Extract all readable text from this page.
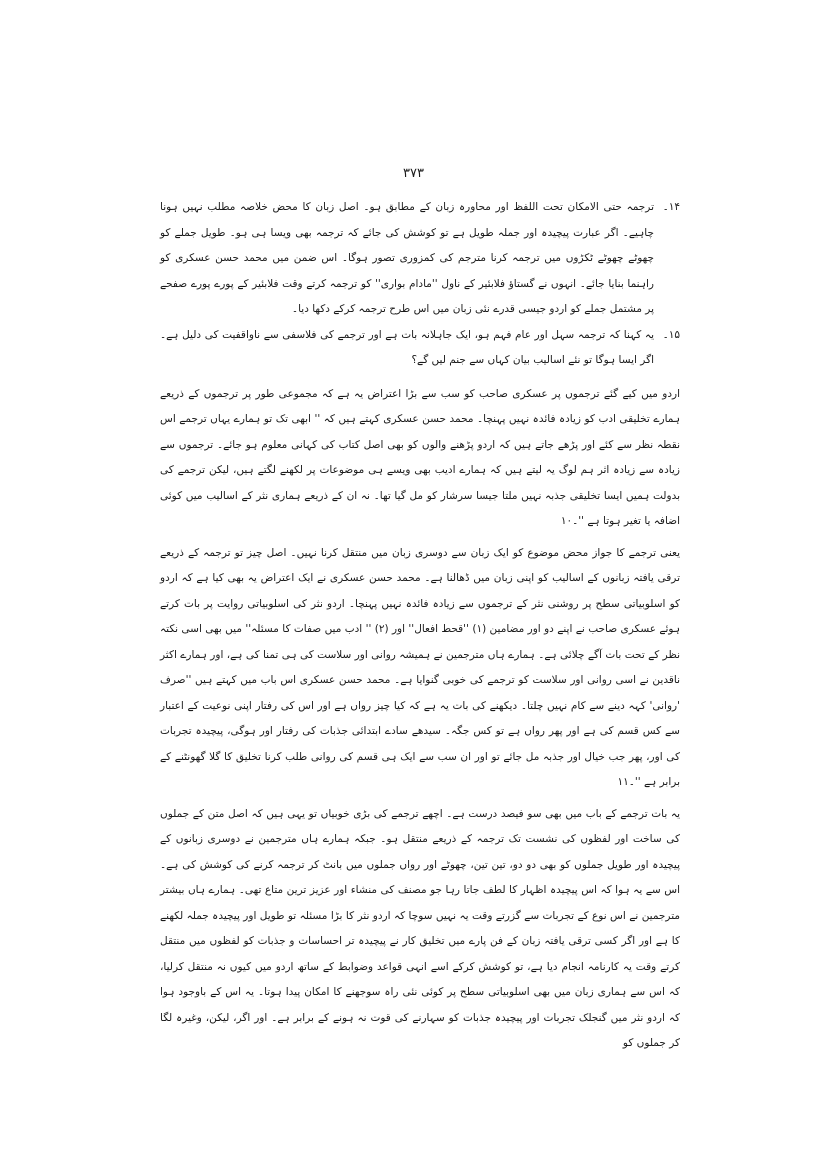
۳۷۳

۱۴۔
ترجمہ حتی الامکان تحت اللفظ اور محاورہ زبان کے مطابق ہو۔ اصل زبان کا محض خلاصہ مطلب نہیں ہونا چاہیے۔ اگر عبارت پیچیدہ اور جملہ طویل ہے تو کوشش کی جائے کہ ترجمہ بھی ویسا ہی ہو۔ طویل جملے کو چھوٹے چھوٹے ٹکڑوں میں ترجمہ کرنا مترجم کی کمزوری تصور ہوگا۔ اس ضمن میں محمد حسن عسکری کو راہنما بنایا جائے۔ انہوں نے گستاؤ فلابئیر کے ناول ''مادام بواری'' کو ترجمہ کرتے وقت فلابئیر کے پورے پورے صفحے پر مشتمل جملے کو اردو جیسی قدرے نئی زبان میں اس طرح ترجمہ کرکے دکھا دیا۔

۱۵۔
یہ کہنا کہ ترجمہ سہل اور عام فہم ہو، ایک جاہلانہ بات ہے اور ترجمے کی فلاسفی سے ناواقفیت کی دلیل ہے۔ اگر ایسا ہوگا تو نئے اسالیب بیان کہاں سے جنم لیں گے؟

اردو میں کیے گئے ترجموں پر عسکری صاحب کو سب سے بڑا اعتراض یہ ہے کہ مجموعی طور پر ترجموں کے ذریعے ہمارے تخلیقی ادب کو زیادہ فائدہ نہیں پہنچا۔ محمد حسن عسکری کہتے ہیں کہ '' ابھی تک تو ہمارے یہاں ترجمے اس نقطہ نظر سے کئے اور پڑھے جاتے ہیں کہ اردو پڑھنے والوں کو بھی اصل کتاب کی کہانی معلوم ہو جائے۔ ترجموں سے زیادہ سے زیادہ اثر ہم لوگ یہ لیتے ہیں کہ ہمارے ادیب بھی ویسے ہی موضوعات پر لکھنے لگتے ہیں، لیکن ترجمے کی بدولت ہمیں ایسا تخلیقی جذبہ نہیں ملتا جیسا سرشار کو مل گیا تھا۔ نہ ان کے ذریعے ہماری نثر کے اسالیب میں کوئی اضافہ یا تغیر ہوتا ہے ''۔۱۰

یعنی ترجمے کا جواز محض موضوع کو ایک زبان سے دوسری زبان میں منتقل کرنا نہیں۔ اصل چیز تو ترجمہ کے ذریعے ترقی یافتہ زبانوں کے اسالیب کو اپنی زبان میں ڈھالنا ہے۔ محمد حسن عسکری نے ایک اعتراض یہ بھی کیا ہے کہ اردو کو اسلوبیاتی سطح پر روشنی نثر کے ترجموں سے زیادہ فائدہ نہیں پہنچا۔ اردو نثر کی اسلوبیاتی روایت پر بات کرتے ہوئے عسکری صاحب نے اپنے دو اور مضامین (۱) ''قحط افعال'' اور (۲) '' ادب میں صفات کا مسئلہ'' میں بھی اسی نکتہ نظر کے تحت بات آگے چلائی ہے۔ ہمارے ہاں مترجمین نے ہمیشہ روانی اور سلاست کی ہی تمنا کی ہے، اور ہمارے اکثر ناقدین نے اسی روانی اور سلاست کو ترجمے کی خوبی گنوایا ہے۔ محمد حسن عسکری اس باب میں کہتے ہیں ''صرف 'روانی' کہہ دینے سے کام نہیں چلتا۔ دیکھنے کی بات یہ ہے کہ کیا چیز رواں ہے اور اس کی رفتار اپنی نوعیت کے اعتبار سے کس قسم کی ہے اور پھر رواں ہے تو کس جگہ۔ سیدھے سادے ابتدائی جذبات کی رفتار اور ہوگی، پیچیدہ تجربات کی اور، پھر جب خیال اور جذبہ مل جائے تو اور ان سب سے ایک ہی قسم کی روانی طلب کرنا تخلیق کا گلا گھونٹنے کے برابر ہے ''۔۱۱

یہ بات ترجمے کے باب میں بھی سو فیصد درست ہے۔ اچھے ترجمے کی بڑی خوبیاں تو یہی ہیں کہ اصل متن کے جملوں کی ساخت اور لفظوں کی نشست تک ترجمہ کے ذریعے منتقل ہو۔ جبکہ ہمارے ہاں مترجمین نے دوسری زبانوں کے پیچیدہ اور طویل جملوں کو بھی دو دو، تین تین، چھوٹے اور رواں جملوں میں بانٹ کر ترجمہ کرنے کی کوشش کی ہے۔ اس سے یہ ہوا کہ اس پیچیدہ اظہار کا لطف جاتا رہا جو مصنف کی منشاء اور عزیز ترین متاع تھی۔ ہمارے ہاں بیشتر مترجمین نے اس نوع کے تجربات سے گزرتے وقت یہ نہیں سوچا کہ اردو نثر کا بڑا مسئلہ تو طویل اور پیچیدہ جملہ لکھنے کا ہے اور اگر کسی ترقی یافتہ زبان کے فن پارے میں تخلیق کار نے پیچیدہ تر احساسات و جذبات کو لفظوں میں منتقل کرتے وقت یہ کارنامہ انجام دیا ہے، تو کوشش کرکے اسے انہی قواعد وضوابط کے ساتھ اردو میں کیوں نہ منتقل کرلیا، کہ اس سے ہماری زبان میں بھی اسلوبیاتی سطح پر کوئی نئی راہ سوجھنے کا امکان پیدا ہوتا۔ یہ اس کے باوجود ہوا کہ اردو نثر میں گنجلک تجربات اور پیچیدہ جذبات کو سہارنے کی قوت نہ ہونے کے برابر ہے۔ اور اگر، لیکن، وغیرہ لگا کر جملوں کو
